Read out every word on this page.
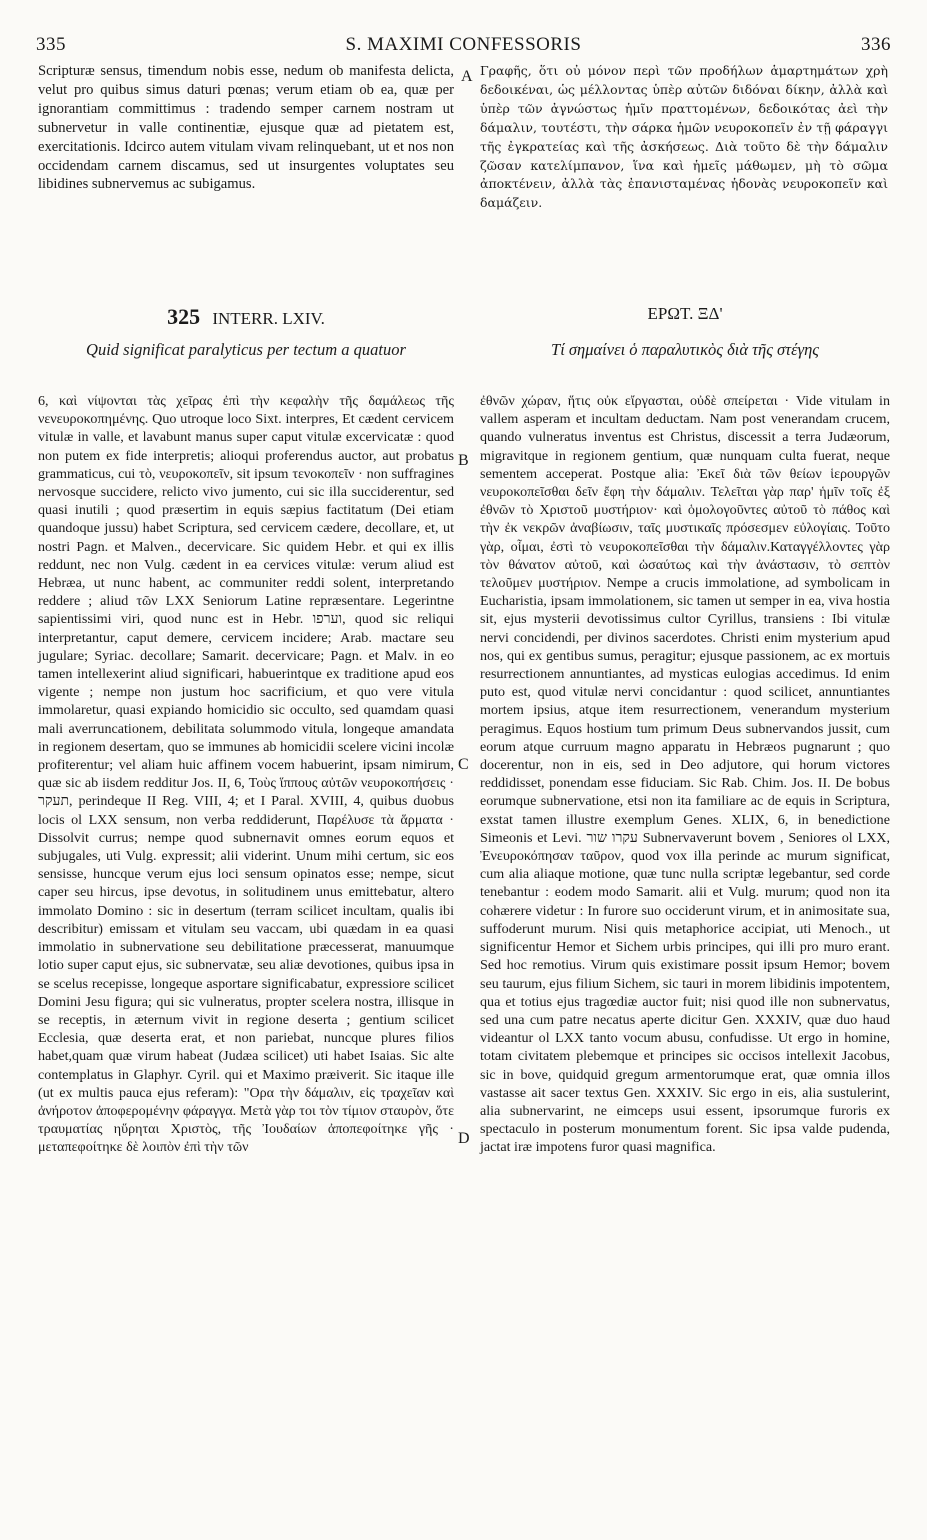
335	S. MAXIMI CONFESSORIS	336

Scripturæ sensus, timendum nobis esse, nedum ob manifesta delicta, velut pro quibus simus daturi pœnas; verum etiam ob ea, quæ per ignorantiam committimus : tradendo semper carnem nostram ut subnervetur in valle continentiæ, ejusque quæ ad pietatem est, exercitationis. Idcirco autem vitulam vivam relinquebant, ut et nos non occidendam carnem discamus, sed ut insurgentes voluptates seu libidines subnervemus ac subigamus.

A Γραφῆς, ὅτι οὐ μόνον περὶ τῶν προδήλων ἁμαρτημάτων χρὴ δεδοικέναι, ὡς μέλλοντας ὑπὲρ αὐτῶν διδόναι δίκην, ἀλλὰ καὶ ὑπὲρ τῶν ἀγνώστως ἡμῖν πραττομένων, δεδοικότας ἀεὶ τὴν δάμαλιν, τουτέστι, τὴν σάρκα ἡμῶν νευροκοπεῖν ἐν τῇ φάραγγι τῆς ἐγκρατείας καὶ τῆς ἀσκήσεως. Διὰ τοῦτο δὲ τὴν δάμαλιν ζῶσαν κατελίμπανον, ἵνα καὶ ἡμεῖς μάθωμεν, μὴ τὸ σῶμα ἀποκτένειν, ἀλλὰ τὰς ἐπανισταμένας ἡδονὰς νευροκοπεῖν καὶ δαμάζειν.

325 INTERR. LXIV.	ΕΡΩΤ. ΞΔ'
Quid significat paralyticus per tectum a quatuor	Τί σημαίνει ὁ παραλυτικὸς διὰ τῆς στέγης

6, καὶ νίψονται τὰς χεῖρας ἐπὶ τὴν κεφαλὴν τῆς δαμάλεως τῆς νενευροκοπημένης. Quo utroque loco Sixt. interpres, Et cædent cervicem vitulæ in valle, et lavabunt manus super caput vitulæ excervicatæ : quod non putem ex fide interpretis; alioqui proferendus auctor, aut probatus grammaticus, cui τὸ, νευροκοπεῖν, sit ipsum τενοκοπεῖν · non suffragines nervosque succidere, relicto vivo jumento, cui sic illa succiderentur, sed quasi inutili ; quod præsertim in equis sæpius factitatum (Dei etiam quandoque jussu) habet Scriptura, sed cervicem cædere, decollare, et, ut nostri Pagn. et Malven., decervicare. Sic quidem Hebr. et qui ex illis reddunt, nec non Vulg. cædent in ea cervices vitulæ: verum aliud est Hebræa, ut nunc habent, ac communiter reddi solent, interpretando reddere ; aliud τῶν LXX Seniorum Latine repræsentare. Legerintne sapientissimi viri, quod nunc est in Hebr. וערפו, quod sic reliqui interpretantur, caput demere, cervicem incidere; Arab. mactare seu jugulare; Syriac. decollare; Samarit. decervicare; Pagn. et Malv. in eo tamen intellexerint aliud significari, habuerintque ex traditione apud eos vigente ; nempe non justum hoc sacrificium, et quo vere vitula immolaretur, quasi expiando homicidio sic occulto, sed quamdam quasi mali averruncationem, debilitata solummodo vitula, longeque amandata in regionem desertam, quo se immunes ab homicidii scelere vicini incolæ profiterentur; vel aliam huic affinem vocem habuerint, ipsam nimirum, quæ sic ab iisdem redditur Jos. II, 6, Τοὺς ἵππους αὐτῶν νευροκοπήσεις · תעקר, perindeque II Reg. VIII, 4; et I Paral. XVIII, 4, quibus duobus locis ol LXX sensum, non verba reddiderunt, Παρέλυσε τὰ ἅρματα · Dissolvit currus; nempe quod subnernavit omnes eorum equos et subjugales, uti Vulg. expressit; alii viderint. Unum mihi certum, sic eos sensisse, huncque verum ejus loci sensum opinatos esse; nempe, sicut caper seu hircus, ipse devotus, in solitudinem unus emittebatur, altero immolato Domino : sic in desertum (terram scilicet incultam, qualis ibi describitur) emissam et vitulam seu vaccam, ubi quædam in ea quasi immolatio in subnervatione seu debilitatione præcesserat, manuumque lotio super caput ejus, sic subnervatæ, seu aliæ devotiones, quibus ipsa in se scelus recepisse, longeque asportare significabatur, expressiore scilicet Domini Jesu figura; qui sic vulneratus, propter scelera nostra, illisque in se receptis, in æternum vivit in regione deserta ; gentium scilicet Ecclesia, quæ deserta erat, et non pariebat, nuncque plures filios habet,quam quæ virum habeat (Judæa scilicet) uti habet Isaias. Sic alte contemplatus in Glaphyr. Cyril. qui et Maximo præiverit. Sic itaque ille (ut ex multis pauca ejus referam): "Ορα τὴν δάμαλιν, εἰς τραχεῖαν καὶ ἀνήροτον ἀποφερομένην φάραγγα. Μετὰ γὰρ τοι τὸν τίμιον σταυρὸν, ὅτε τραυματίας ηὕρηται Χριστὸς, τῆς Ἰουδαίων ἀποπεφοίτηκε γῆς · μεταπεφοίτηκε δὲ λοιπὸν ἐπὶ τὴν τῶν

B
C
D

ἐθνῶν χώραν, ἥτις οὐκ εἴργασται, οὐδὲ σπείρεται · Vide vitulam in vallem asperam et incultam deductam. Nam post venerandam crucem, quando vulneratus inventus est Christus, discessit a terra Judæorum, migravitque in regionem gentium, quæ nunquam culta fuerat, neque sementem acceperat. Postque alia: Ἐκεῖ διὰ τῶν θείων ἱερουργῶν νευροκοπεῖσθαι δεῖν ἔφη τὴν δάμαλιν. Τελεῖται γὰρ παρ' ἡμῖν τοῖς ἐξ ἐθνῶν τὸ Χριστοῦ μυστήριον· καὶ ὁμολογοῦντες αὐτοῦ τὸ πάθος καὶ τὴν ἐκ νεκρῶν ἀναβίωσιν, ταῖς μυστικαῖς πρόσεσμεν εὐλογίαις. Τοῦτο γὰρ, οἶμαι, ἐστὶ τὸ νευροκοπεῖσθαι τὴν δάμαλιν.Καταγγέλλοντες γὰρ τὸν θάνατον αὐτοῦ, καὶ ὡσαύτως καὶ τὴν ἀνάστασιν, τὸ σεπτὸν τελοῦμεν μυστήριον. Nempe a crucis immolatione, ad symbolicam in Eucharistia, ipsam immolationem, sic tamen ut semper in ea, viva hostia sit, ejus mysterii devotissimus cultor Cyrillus, transiens : Ibi vitulæ nervi concidendi, per divinos sacerdotes. Christi enim mysterium apud nos, qui ex gentibus sumus, peragitur; ejusque passionem, ac ex mortuis resurrectionem annuntiantes, ad mysticas eulogias accedimus. Id enim puto est, quod vitulæ nervi concidantur : quod scilicet, annuntiantes mortem ipsius, atque item resurrectionem, venerandum mysterium peragimus. Equos hostium tum primum Deus subnervandos jussit, cum eorum atque curruum magno apparatu in Hebræos pugnarunt ; quo docerentur, non in eis, sed in Deo adjutore, qui horum victores reddidisset, ponendam esse fiduciam. Sic Rab. Chim. Jos. II. De bobus eorumque subnervatione, etsi non ita familiare ac de equis in Scriptura, exstat tamen illustre exemplum Genes. XLIX, 6, in benedictione Simeonis et Levi. עקרו שור Subnervaverunt bovem , Seniores ol LXX, Ἐνευροκόπησαν ταῦρον, quod vox illa perinde ac murum significat, cum alia aliaque motione, quæ tunc nulla scriptæ legebantur, sed corde tenebantur : eodem modo Samarit. alii et Vulg. murum; quod non ita cohærere videtur : In furore suo occiderunt virum, et in animositate sua, suffoderunt murum. Nisi quis metaphorice accipiat, uti Menoch., ut significentur Hemor et Sichem urbis principes, qui illi pro muro erant. Sed hoc remotius. Virum quis existimare possit ipsum Hemor; bovem seu taurum, ejus filium Sichem, sic tauri in morem libidinis impotentem, qua et totius ejus tragœdiæ auctor fuit; nisi quod ille non subnervatus, sed una cum patre necatus aperte dicitur Gen. XXXIV, quæ duo haud videantur ol LXX tanto vocum abusu, confudisse. Ut ergo in homine, totam civitatem plebemque et principes sic occisos intellexit Jacobus, sic in bove, quidquid gregum armentorumque erat, quæ omnia illos vastasse ait sacer textus Gen. XXXIV. Sic ergo in eis, alia sustulerint, alia subnervarint, ne eimceps usui essent, ipsorumque furoris ex spectaculo in posterum monumentum forent. Sic ipsa valde pudenda, jactat iræ impotens furor quasi magnifica.
